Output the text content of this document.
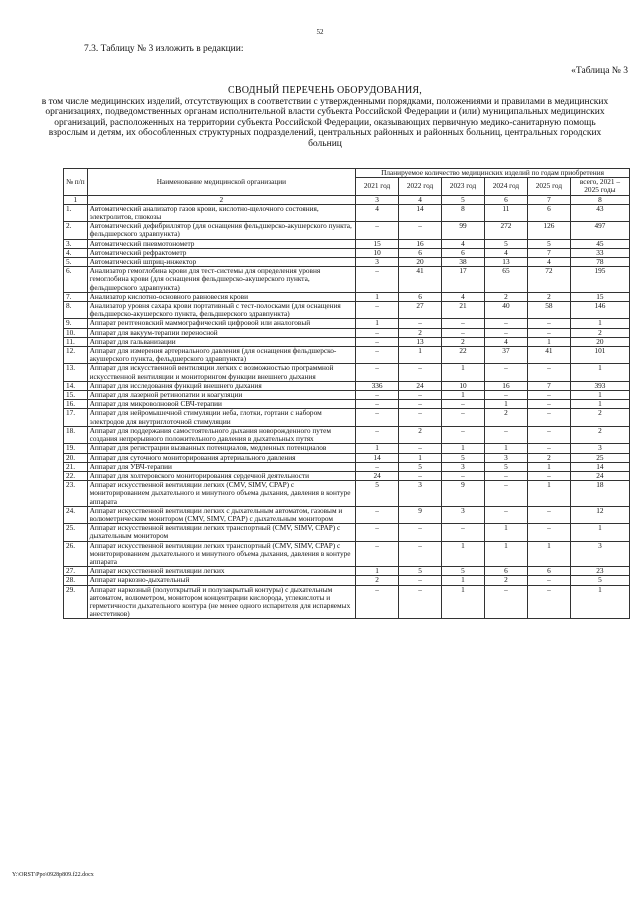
52
7.3. Таблицу № 3 изложить в редакции:
«Таблица № 3
СВОДНЫЙ ПЕРЕЧЕНЬ ОБОРУДОВАНИЯ,
в том числе медицинских изделий, отсутствующих в соответствии с утвержденными порядками, положениями и правилами в медицинских организациях, подведомственных органам исполнительной власти субъекта Российской Федерации и (или) муниципальных медицинских организаций, расположенных на территории субъекта Российской Федерации, оказывающих первичную медико-санитарную помощь взрослым и детям, их обособленных структурных подразделений, центральных районных и районных больниц, центральных городских больниц
№ п/п	Наименование медицинской организации	Планируемое количество медицинских изделий по годам приобретения					
		2021 год	2022 год	2023 год	2024 год	2025 год	всего, 2021 – 2025 годы
1	2	3	4	5	6	7	8
1.	Автоматический анализатор газов крови, кислотно-щелочного состояния, электролитов, глюкозы	4	14	8	11	6	43
2.	Автоматический дефибриллятор (для оснащения фельдшерско-акушерского пункта, фельдшерского здравпункта)	–	–	99	272	126	497
3.	Автоматический пневмотонометр	15	16	4	5	5	45
4.	Автоматический рефрактометр	10	6	6	4	7	33
5.	Автоматический шприц-инжектор	3	20	38	13	4	78
6.	Анализатор гемоглобина крови для тест-системы для определения уровня гемоглобина крови (для оснащения фельдшерско-акушерского пункта, фельдшерского здравпункта)	–	41	17	65	72	195
7.	Анализатор кислотно-основного равновесия крови	1	6	4	2	2	15
8.	Анализатор уровня сахара крови портативный с тест-полосками (для оснащения фельдшерско-акушерского пункта, фельдшерского здравпункта)	–	27	21	40	58	146
9.	Аппарат рентгеновский маммографический цифровой или аналоговый	1	–	–	–	–	1
10.	Аппарат для вакуум-терапии переносной	–	2	–	–	–	2
11.	Аппарат для гальванизации	–	13	2	4	1	20
12.	Аппарат для измерения артериального давления (для оснащения фельдшерско-акушерского пункта, фельдшерского здравпункта)	–	1	22	37	41	101
13.	Аппарат для искусственной вентиляции легких с возможностью программной искусственной вентиляции и мониторингом функции внешнего дыхания	–	–	1	–	–	1
14.	Аппарат для исследования функций внешнего дыхания	336	24	10	16	7	393
15.	Аппарат для лазерной ретинопатии и коагуляции	–	–	1	–	–	1
16.	Аппарат для микроволновой СВЧ-терапии	–	–	–	1	–	1
17.	Аппарат для нейромышечной стимуляции неба, глотки, гортани с набором электродов для внутриглоточной стимуляции	–	–	–	2	–	2
18.	Аппарат для поддержания самостоятельного дыхания новорожденного путем создания непрерывного положительного давления в дыхательных путях	–	2	–	–	–	2
19.	Аппарат для регистрации вызванных потенциалов, медленных потенциалов	1	–	1	1	–	3
20.	Аппарат для суточного мониторирования артериального давления	14	1	5	3	2	25
21.	Аппарат для УВЧ-терапии	–	5	3	5	1	14
22.	Аппарат для холтеровского мониторирования сердечной деятельности	24	–	–	–	–	24
23.	Аппарат искусственной вентиляции легких (CMV, SIMV, CPAP) с мониторированием дыхательного и минутного объема дыхания, давления в контуре аппарата	5	3	9	–	1	18
24.	Аппарат искусственной вентиляции легких с дыхательным автоматом, газовым и волюметрическим монитором (CMV, SIMV, CPAP) с дыхательным монитором	–	9	3	–	–	12
25.	Аппарат искусственной вентиляции легких транспортный (CMV, SIMV, CPAP) с дыхательным монитором	–	–	–	1	–	1
26.	Аппарат искусственной вентиляции легких транспортный (CMV, SIMV, CPAP) с мониторированием дыхательного и минутного объема дыхания, давления в контуре аппарата	–	–	1	1	1	3
27.	Аппарат искусственной вентиляции легких	1	5	5	6	6	23
28.	Аппарат наркозно-дыхательный	2	–	1	2	–	5
29.	Аппарат наркозный (полуоткрытый и полузакрытый контуры) с дыхательным автоматом, волюметром, монитором концентрации кислорода, углекислоты и герметичности дыхательного контура (не менее одного испарителя для испаряемых анестетиков)	–	–	1	–	–	1
Y:\ORST\Ppo\0928p809.f22.docx
